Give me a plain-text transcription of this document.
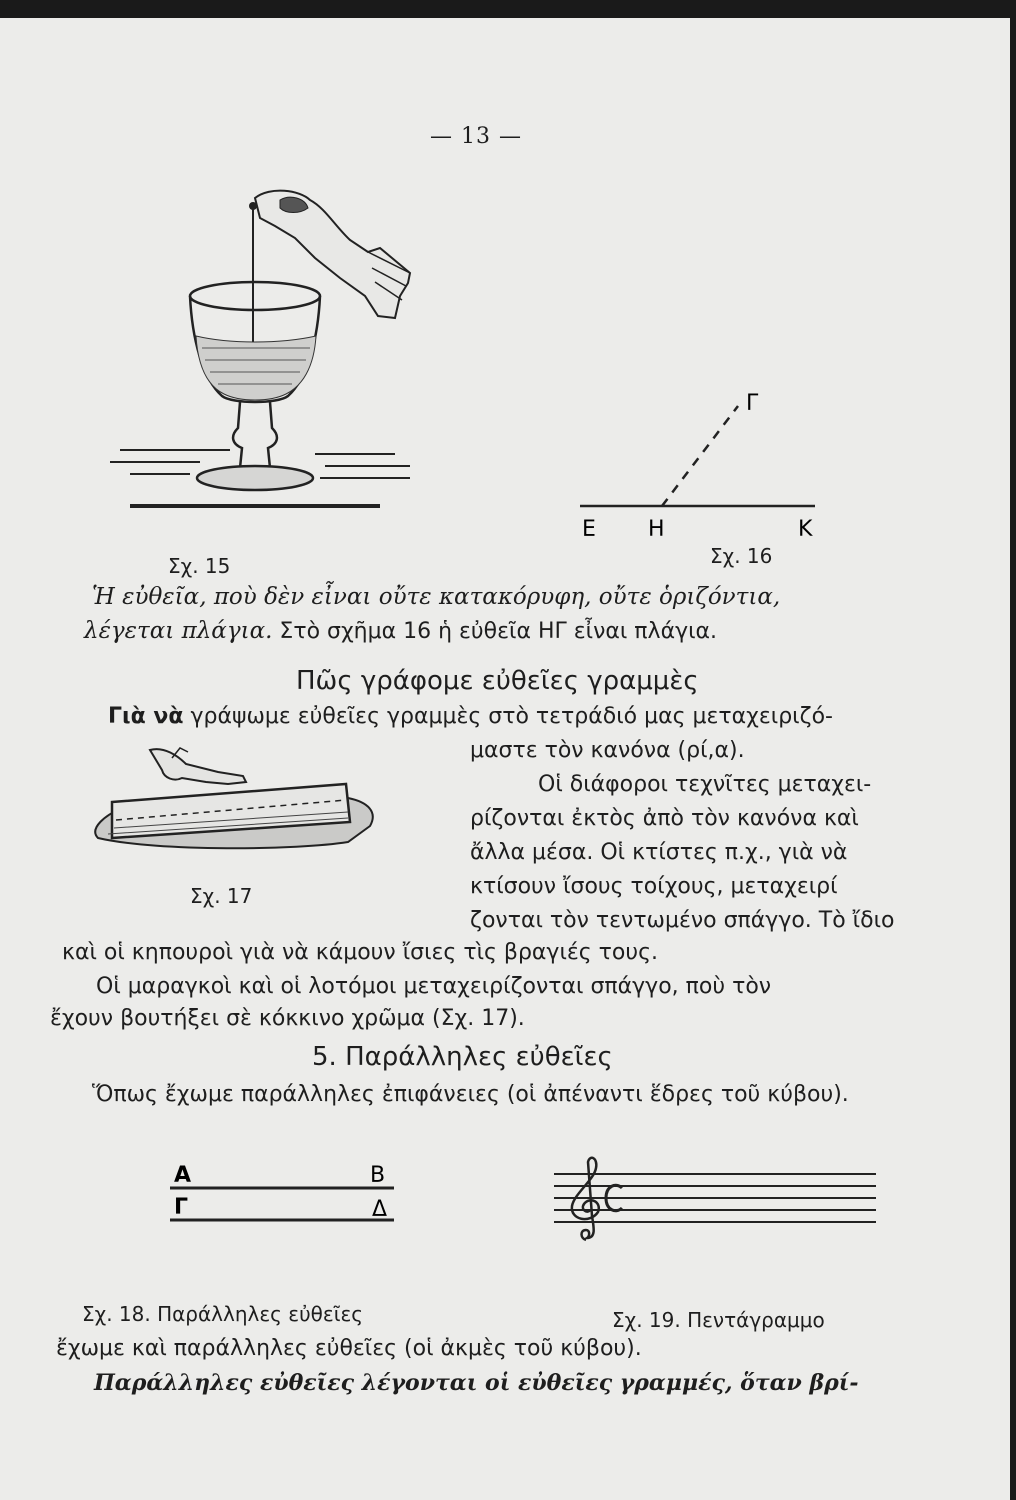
— 13 —
Σχ. 15
Γ
Ε Η	Κ
Σχ. 16
Ἡ εὐθεῖα, ποὺ δὲν εἶναι οὔτε κατακόρυφη, οὔτε ὁριζόντια,
λέγεται πλάγια. Στὸ σχῆμα 16 ἡ εὐθεῖα ΗΓ εἶναι πλάγια.
Πῶς γράφομε εὐθεῖες γραμμὲς
Γιὰ νὰ γράψωμε εὐθεῖες γραμμὲς στὸ τετράδιό μας μεταχειριζό-
μαστε τὸν κανόνα (ρί,α).
Οἱ διάφοροι τεχνῖτες μεταχει-
ρίζονται ἐκτὸς ἀπὸ τὸν κανόνα καὶ
ἄλλα μέσα. Οἱ κτίστες π.χ., γιὰ νὰ
κτίσουν ἴσους τοίχους, μεταχειρί
ζονται τὸν τεντωμένο σπάγγο. Τὸ ἴδιο
καὶ οἱ κηπουροὶ γιὰ νὰ κάμουν ἴσιες τὶς βραγιές τους.
Οἱ μαραγκοὶ καὶ οἱ λοτόμοι μεταχειρίζονται σπάγγο, ποὺ τὸν
ἔχουν βουτήξει σὲ κόκκινο χρῶμα (Σχ. 17).
Σχ. 17
5. Παράλληλες εὐθεῖες
Ὅπως ἔχωμε παράλληλες ἐπιφάνειες (οἱ ἀπέναντι ἕδρες τοῦ κύβου).
Α	Β
Γ	Δ
Σχ. 18. Παράλληλες εὐθεῖες	Σχ. 19. Πεντάγραμμο
ἔχωμε καὶ παράλληλες εὐθεῖες (οἱ ἀκμὲς τοῦ κύβου).
Παράλληλες εὐθεῖες λέγονται οἱ εὐθεῖες γραμμές, ὅταν βρί-
